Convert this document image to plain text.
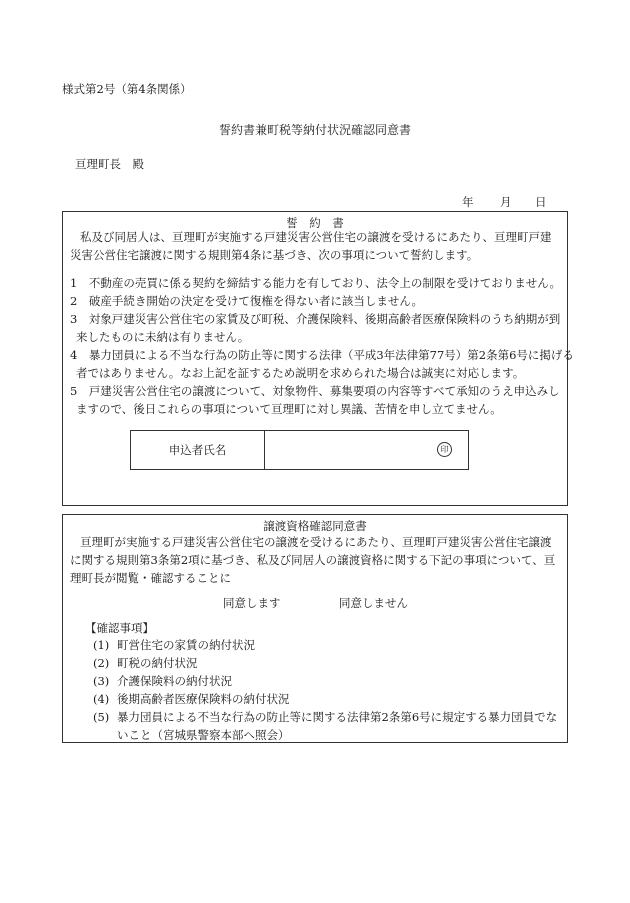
様式第2号（第4条関係）
誓約書兼町税等納付状況確認同意書
亘理町長　殿
年 月 日
誓　約　書
私及び同居人は、亘理町が実施する戸建災害公営住宅の譲渡を受けるにあたり、亘理町戸建
災害公営住宅譲渡に関する規則第4条に基づき、次の事項について誓約します。
1　不動産の売買に係る契約を締結する能力を有しており、法令上の制限を受けておりません。
2　破産手続き開始の決定を受けて復権を得ない者に該当しません。
3　対象戸建災害公営住宅の家賃及び町税、介護保険料、後期高齢者医療保険料のうち納期が到
来したものに未納は有りません。
4　暴力団員による不当な行為の防止等に関する法律（平成3年法律第77号）第2条第6号に掲げる
者ではありません。なお上記を証するため説明を求められた場合は誠実に対応します。
5　戸建災害公営住宅の譲渡について、対象物件、募集要項の内容等すべて承知のうえ申込みし
ますので、後日これらの事項について亘理町に対し異議、苦情を申し立てません。
申込者氏名	印
譲渡資格確認同意書
亘理町が実施する戸建災害公営住宅の譲渡を受けるにあたり、亘理町戸建災害公営住宅譲渡
に関する規則第3条第2項に基づき、私及び同居人の譲渡資格に関する下記の事項について、亘
理町長が閲覧・確認することに
同意します	同意しません
【確認事項】
(1) 町営住宅の家賃の納付状況
(2) 町税の納付状況
(3) 介護保険料の納付状況
(4) 後期高齢者医療保険料の納付状況
(5) 暴力団員による不当な行為の防止等に関する法律第2条第6号に規定する暴力団員でな
いこと（宮城県警察本部へ照会）
